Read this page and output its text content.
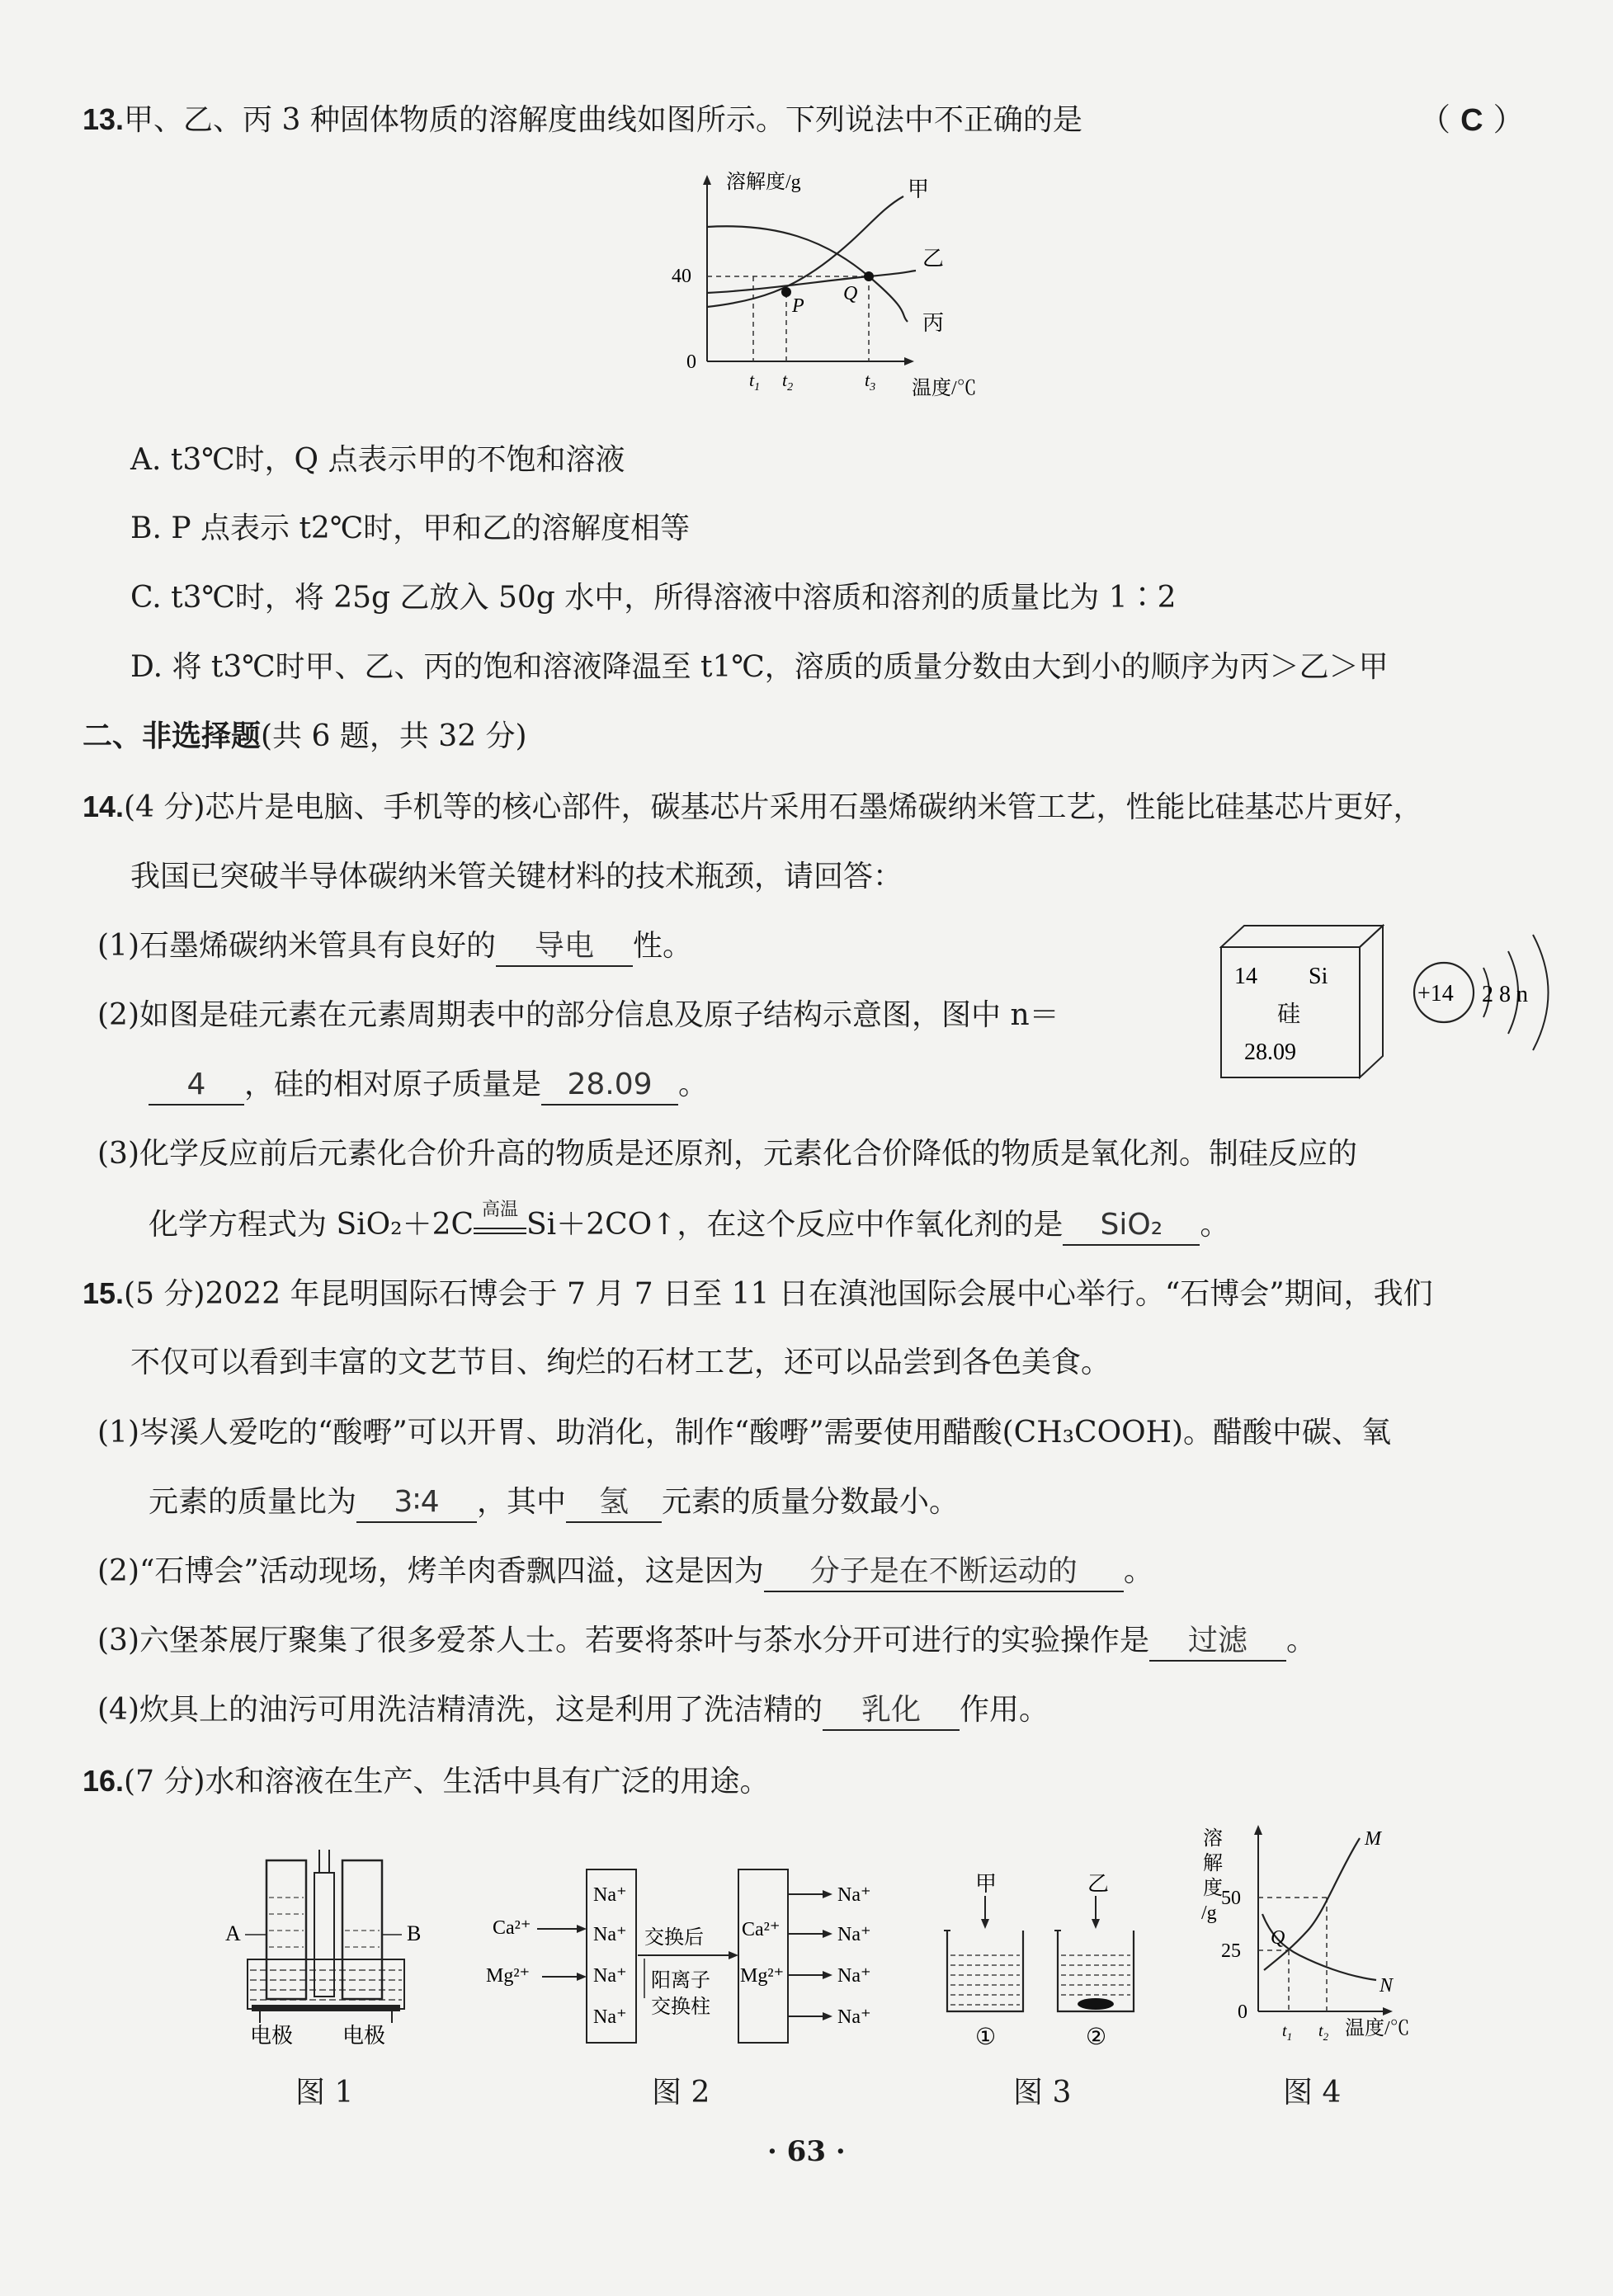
13.甲、乙、丙 3 种固体物质的溶解度曲线如图所示。下列说法中不正确的是	（ C ）
溶解度/g
温度/℃
40
0
P
Q
甲
乙
丙
$t_1$ $t_2$	$t_3$
A. t3℃时，Q 点表示甲的不饱和溶液
B. P 点表示 t2℃时，甲和乙的溶解度相等
C. t3℃时，将 25g 乙放入 50g 水中，所得溶液中溶质和溶剂的质量比为 1∶2
D. 将 t3℃时甲、乙、丙的饱和溶液降温至 t1℃，溶质的质量分数由大到小的顺序为丙＞乙＞甲
二、非选择题(共 6 题，共 32 分)
14.(4 分)芯片是电脑、手机等的核心部件，碳基芯片采用石墨烯碳纳米管工艺，性能比硅基芯片更好，
我国已突破半导体碳纳米管关键材料的技术瓶颈，请回答：
(1)石墨烯碳纳米管具有良好的 导电 性。
(2)如图是硅元素在元素周期表中的部分信息及原子结构示意图，图中 n＝
4 ，硅的相对原子质量是 28.09 。
14 Si
硅
28.09
+14 2 8 n
(3)化学反应前后元素化合价升高的物质是还原剂，元素化合价降低的物质是氧化剂。制硅反应的
化学方程式为 SiO₂＋2C 高温 Si＋2CO↑，在这个反应中作氧化剂的是 SiO₂ 。
15.(5 分)2022 年昆明国际石博会于 7 月 7 日至 11 日在滇池国际会展中心举行。“石博会”期间，我们
不仅可以看到丰富的文艺节目、绚烂的石材工艺，还可以品尝到各色美食。
(1)岑溪人爱吃的“酸嘢”可以开胃、助消化，制作“酸嘢”需要使用醋酸(CH₃COOH)。醋酸中碳、氧
元素的质量比为 3∶4 ，其中 氢 元素的质量分数最小。
(2)“石博会”活动现场，烤羊肉香飘四溢，这是因为 分子是在不断运动的 。
(3)六堡茶展厅聚集了很多爱茶人士。若要将茶叶与茶水分开可进行的实验操作是 过滤 。
(4)炊具上的油污可用洗洁精清洗，这是利用了洗洁精的 乳化 作用。
16.(7 分)水和溶液在生产、生活中具有广泛的用途。
A	B
电极 电极
图 1
Na⁺
Na⁺
Na⁺
Na⁺
Ca²⁺
Mg²⁺
交换后
阳离子
交换柱
Ca²⁺
Mg²⁺
Na⁺
Na⁺
Na⁺
Na⁺
图 2
甲	乙
①	②
图 3
溶
解
度
/g
50
25
0
M
N
Q
$t_1$ $t_2$ 温度/℃
图 4
· 63 ·
